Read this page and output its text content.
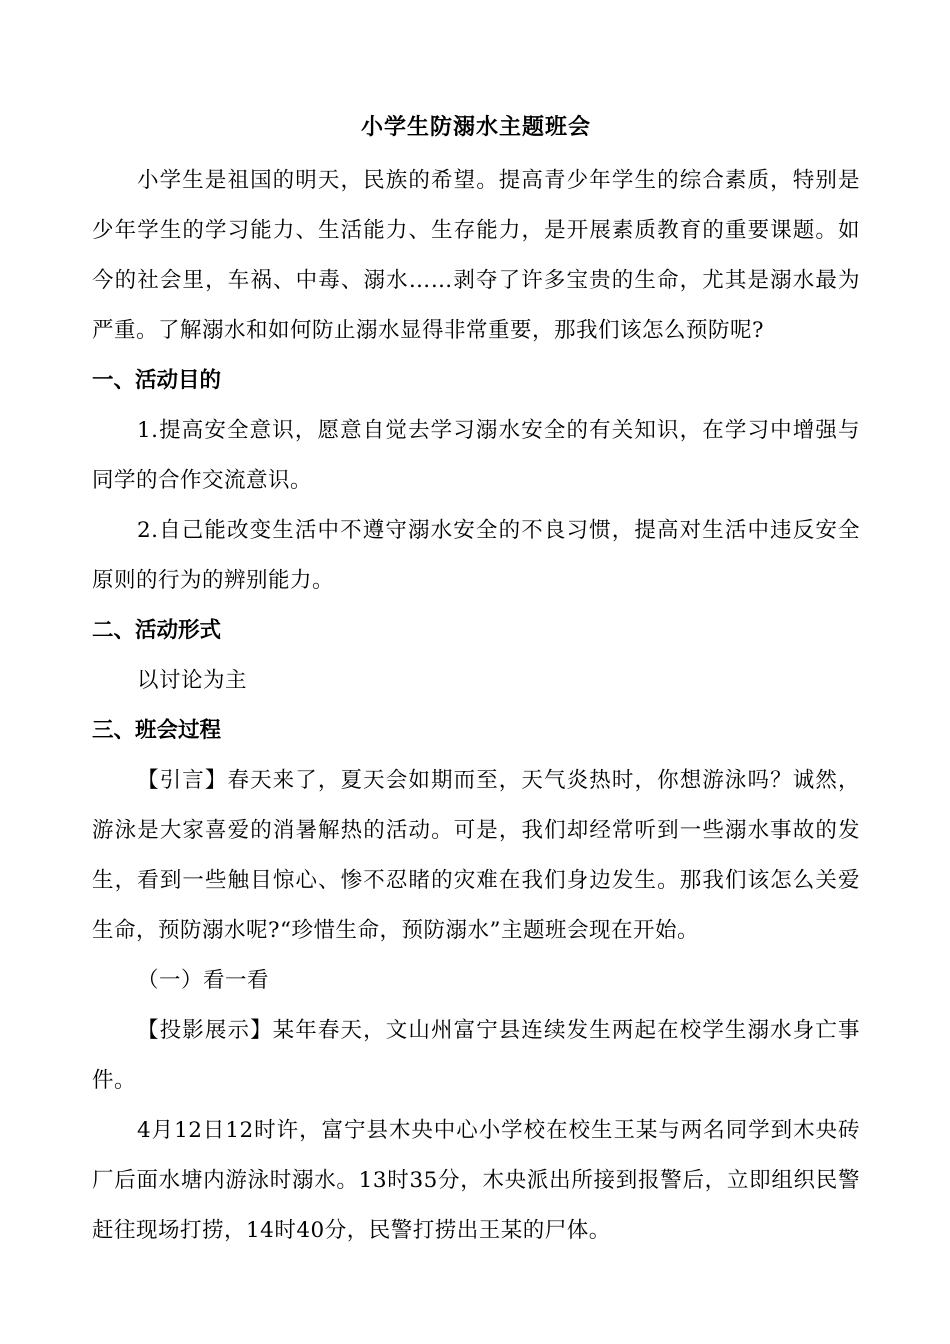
小学生防溺水主题班会

小学生是祖国的明天，民族的希望。提高青少年学生的综合素质，特别是少年学生的学习能力、生活能力、生存能力，是开展素质教育的重要课题。如今的社会里，车祸、中毒、溺水……剥夺了许多宝贵的生命，尤其是溺水最为严重。了解溺水和如何防止溺水显得非常重要，那我们该怎么预防呢?

一、活动目的

1.提高安全意识，愿意自觉去学习溺水安全的有关知识，在学习中增强与同学的合作交流意识。

2.自己能改变生活中不遵守溺水安全的不良习惯，提高对生活中违反安全原则的行为的辨别能力。

二、活动形式

以讨论为主

三、班会过程

【引言】春天来了，夏天会如期而至，天气炎热时，你想游泳吗？诚然，游泳是大家喜爱的消暑解热的活动。可是，我们却经常听到一些溺水事故的发生，看到一些触目惊心、惨不忍睹的灾难在我们身边发生。那我们该怎么关爱生命，预防溺水呢?“珍惜生命，预防溺水”主题班会现在开始。

（一）看一看

【投影展示】某年春天，文山州富宁县连续发生两起在校学生溺水身亡事件。

4月12日12时许，富宁县木央中心小学校在校生王某与两名同学到木央砖厂后面水塘内游泳时溺水。13时35分，木央派出所接到报警后，立即组织民警赶往现场打捞，14时40分，民警打捞出王某的尸体。
